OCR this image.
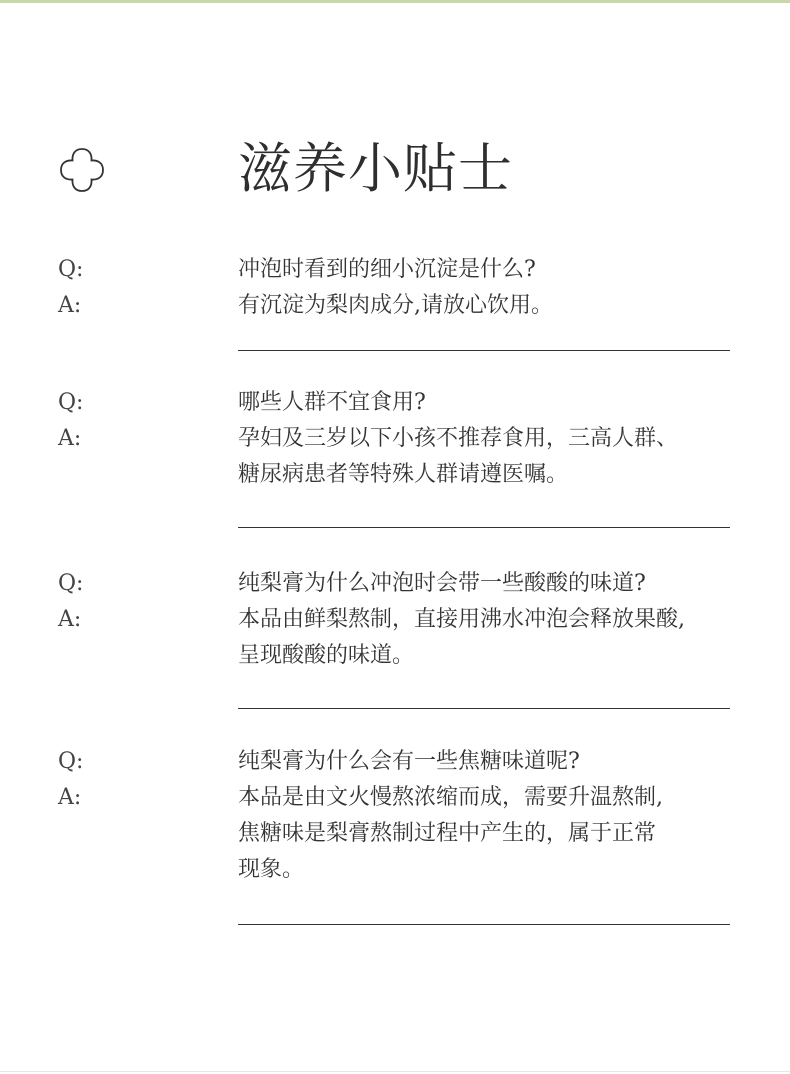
滋养小贴士
Q:	冲泡时看到的细小沉淀是什么?
A:	有沉淀为梨肉成分,请放心饮用。
Q:	哪些人群不宜食用?
A:	孕妇及三岁以下小孩不推荐食用，三高人群、
糖尿病患者等特殊人群请遵医嘱。
Q:	纯梨膏为什么冲泡时会带一些酸酸的味道?
A:	本品由鲜梨熬制，直接用沸水冲泡会释放果酸,
呈现酸酸的味道。
Q:	纯梨膏为什么会有一些焦糖味道呢?
A:	本品是由文火慢熬浓缩而成，需要升温熬制,
焦糖味是梨膏熬制过程中产生的，属于正常
现象。
